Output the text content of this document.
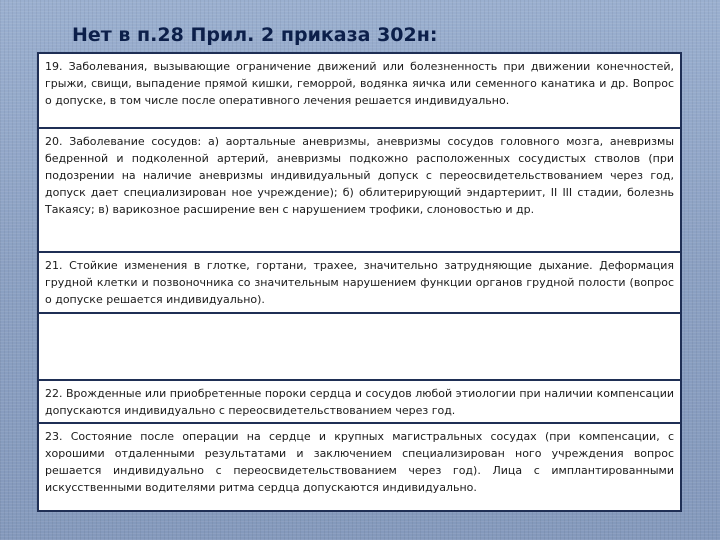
Нет в п.28 Прил. 2 приказа 302н:

19. Заболевания, вызывающие ограничение движений или болезненность при движении конечностей, грыжи, свищи, выпадение прямой кишки, геморрой, водянка яичка или семенного канатика и др. Вопрос о допуске, в том числе после оперативного лечения решается индивидуально.

20. Заболевание сосудов: а) аортальные аневризмы, аневризмы сосудов головного мозга, аневризмы бедренной и подколенной артерий, аневризмы подкожно расположенных сосудистых стволов (при подозрении на наличие аневризмы индивидуальный допуск с переосвидетельствованием через год, допуск дает специализирован ное учреждение); б) облитерирующий эндартериит, II III стадии, болезнь Такаясу; в) варикозное расширение вен с нарушением трофики, слоновостью и др.

21. Стойкие изменения в глотке, гортани, трахее, значительно затрудняющие дыхание. Деформация грудной клетки и позвоночника со значительным нарушением функции органов грудной полости (вопрос о допуске решается индивидуально).

22. Врожденные или приобретенные пороки сердца и сосудов любой этиологии при наличии компенсации допускаются индивидуально с переосвидетельствованием через год.

23. Состояние после операции на сердце и крупных магистральных сосудах (при компенсации, с хорошими отдаленными результатами и заключением специализирован ного учреждения вопрос решается индивидуально с переосвидетельствованием через год). Лица с имплантированными искусственными водителями ритма сердца допускаются индивидуально.
